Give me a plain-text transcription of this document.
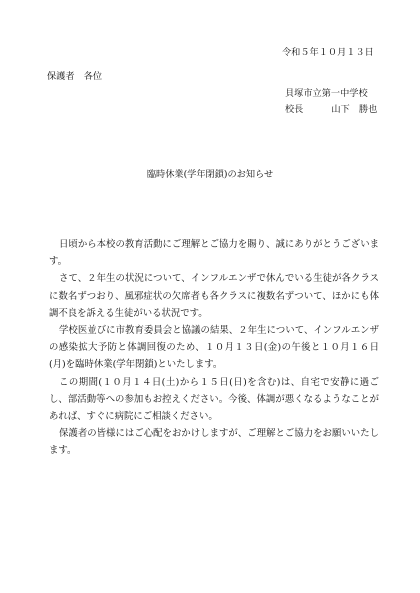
令和５年１０月１３日
保護者　各位
貝塚市立第一中学校
校長	山下　勝也
臨時休業(学年閉鎖)のお知らせ

日頃から本校の教育活動にご理解とご協力を賜り、誠にありがとうございます。

さて、２年生の状況について、インフルエンザで休んでいる生徒が各クラスに数名ずつおり、風邪症状の欠席者も各クラスに複数名ずついて、ほかにも体調不良を訴える生徒がいる状況です。

学校医並びに市教育委員会と協議の結果、２年生について、インフルエンザの感染拡大予防と体調回復のため、１０月１３日(金)の午後と１０月１６日(月)を臨時休業(学年閉鎖)といたします。

この期間(１０月１４日(土)から１５日(日)を含む)は、自宅で安静に過ごし、部活動等への参加もお控えください。今後、体調が悪くなるようなことがあれば、すぐに病院にご相談ください。

保護者の皆様にはご心配をおかけしますが、ご理解とご協力をお願いいたします。
